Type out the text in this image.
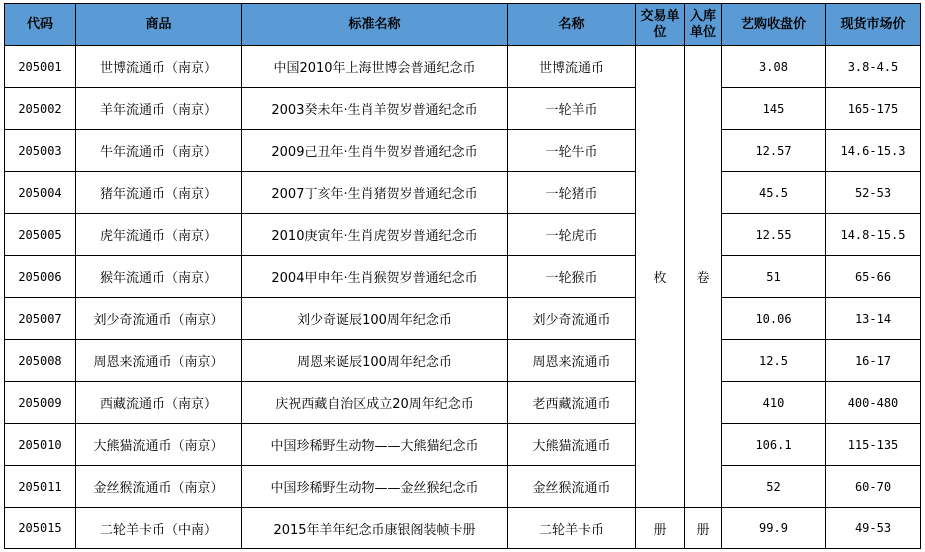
代码	商品	标准名称	名称	交易单位	入库单位	艺购收盘价	现货市场价
205001	世博流通币（南京）	中国2010年上海世博会普通纪念币	世博流通币	枚	卷	3.08	3.8-4.5
205002	羊年流通币（南京）	2003癸未年·生肖羊贺岁普通纪念币	一轮羊币			145	165-175
205003	牛年流通币（南京）	2009己丑年·生肖牛贺岁普通纪念币	一轮牛币			12.57	14.6-15.3
205004	猪年流通币（南京）	2007丁亥年·生肖猪贺岁普通纪念币	一轮猪币			45.5	52-53
205005	虎年流通币（南京）	2010庚寅年·生肖虎贺岁普通纪念币	一轮虎币			12.55	14.8-15.5
205006	猴年流通币（南京）	2004甲申年·生肖猴贺岁普通纪念币	一轮猴币			51	65-66
205007	刘少奇流通币（南京）	刘少奇诞辰100周年纪念币	刘少奇流通币			10.06	13-14
205008	周恩来流通币（南京）	周恩来诞辰100周年纪念币	周恩来流通币			12.5	16-17
205009	西藏流通币（南京）	庆祝西藏自治区成立20周年纪念币	老西藏流通币			410	400-480
205010	大熊猫流通币（南京）	中国珍稀野生动物——大熊猫纪念币	大熊猫流通币			106.1	115-135
205011	金丝猴流通币（南京）	中国珍稀野生动物——金丝猴纪念币	金丝猴流通币			52	60-70
205015	二轮羊卡币（中南）	2015年羊年纪念币康银阁装帧卡册	二轮羊卡币	册	册	99.9	49-53
